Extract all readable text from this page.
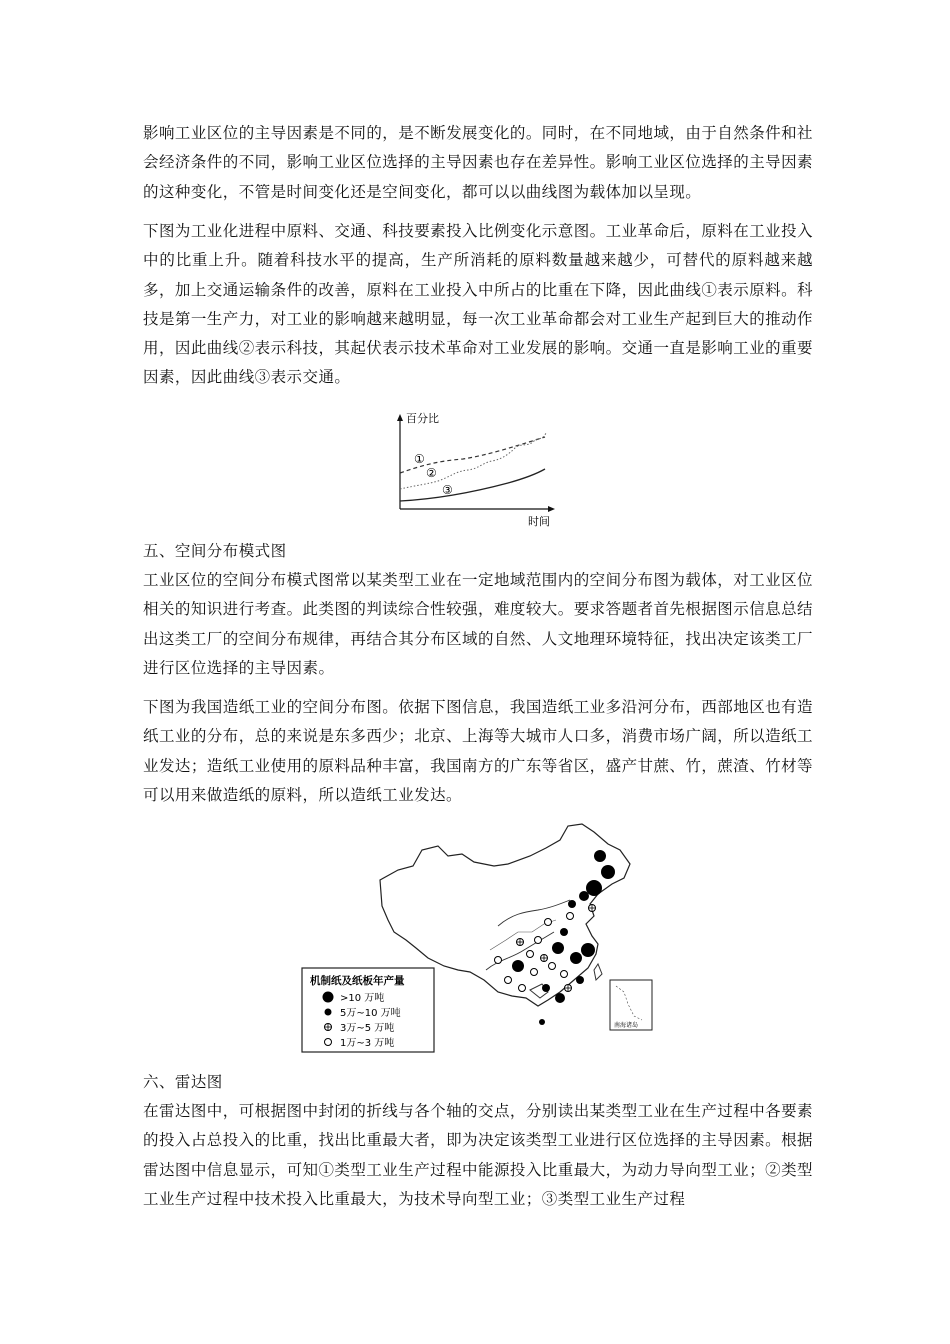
影响工业区位的主导因素是不同的，是不断发展变化的。同时，在不同地域，由于自然条件和社会经济条件的不同，影响工业区位选择的主导因素也存在差异性。影响工业区位选择的主导因素的这种变化，不管是时间变化还是空间变化，都可以以曲线图为载体加以呈现。

下图为工业化进程中原料、交通、科技要素投入比例变化示意图。工业革命后，原料在工业投入中的比重上升。随着科技水平的提高，生产所消耗的原料数量越来越少，可替代的原料越来越多，加上交通运输条件的改善，原料在工业投入中所占的比重在下降，因此曲线①表示原料。科技是第一生产力，对工业的影响越来越明显，每一次工业革命都会对工业生产起到巨大的推动作用，因此曲线②表示科技，其起伏表示技术革命对工业发展的影响。交通一直是影响工业的重要因素，因此曲线③表示交通。

百分比
时间
①
②
③

五、空间分布模式图

工业区位的空间分布模式图常以某类型工业在一定地域范围内的空间分布图为载体，对工业区位相关的知识进行考查。此类图的判读综合性较强，难度较大。要求答题者首先根据图示信息总结出这类工厂的空间分布规律，再结合其分布区域的自然、人文地理环境特征，找出决定该类工厂进行区位选择的主导因素。

下图为我国造纸工业的空间分布图。依据下图信息，我国造纸工业多沿河分布，西部地区也有造纸工业的分布，总的来说是东多西少；北京、上海等大城市人口多，消费市场广阔，所以造纸工业发达；造纸工业使用的原料品种丰富，我国南方的广东等省区，盛产甘蔗、竹，蔗渣、竹材等可以用来做造纸的原料，所以造纸工业发达。

南海诸岛
机制纸及纸板年产量
>10 万吨
5万~10 万吨
3万~5 万吨
1万~3 万吨

六、雷达图

在雷达图中，可根据图中封闭的折线与各个轴的交点，分别读出某类型工业在生产过程中各要素的投入占总投入的比重，找出比重最大者，即为决定该类型工业进行区位选择的主导因素。根据雷达图中信息显示，可知①类型工业生产过程中能源投入比重最大，为动力导向型工业；②类型工业生产过程中技术投入比重最大，为技术导向型工业；③类型工业生产过程
